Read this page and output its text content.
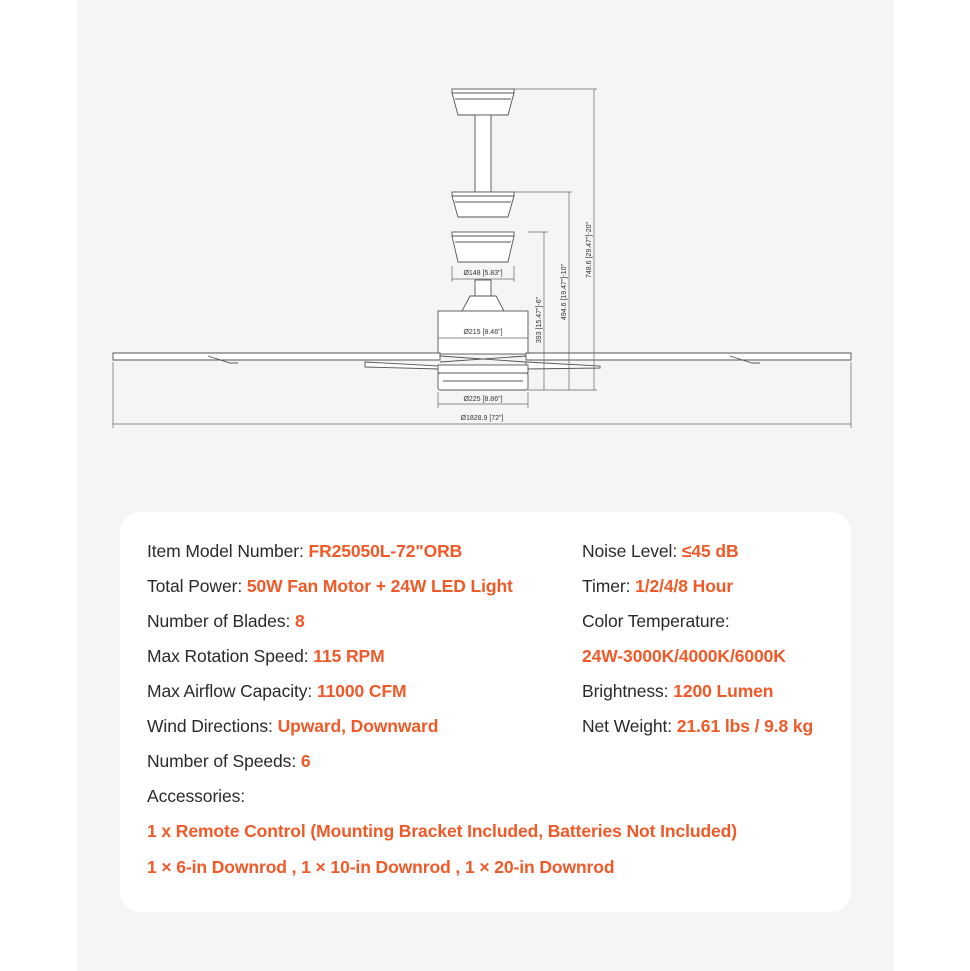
Ø148 [5.83"]
Ø215 [8.46"]
Ø225 [8.86"]
Ø1828.9 [72"]
393 [15.47"]-6"
494.6 [19.47"]-10"
748.6 [29.47"]-20"
Item Model Number: FR25050L-72"ORB
Total Power: 50W Fan Motor + 24W LED Light
Number of Blades: 8
Max Rotation Speed: 115 RPM
Max Airflow Capacity: 11000 CFM
Wind Directions: Upward, Downward
Number of Speeds: 6
Accessories:
1 x Remote Control (Mounting Bracket Included, Batteries Not Included)
1 × 6-in Downrod , 1 × 10-in Downrod , 1 × 20-in Downrod
Noise Level: ≤45 dB
Timer: 1/2/4/8 Hour
Color Temperature:
24W-3000K/4000K/6000K
Brightness: 1200 Lumen
Net Weight: 21.61 lbs / 9.8 kg
